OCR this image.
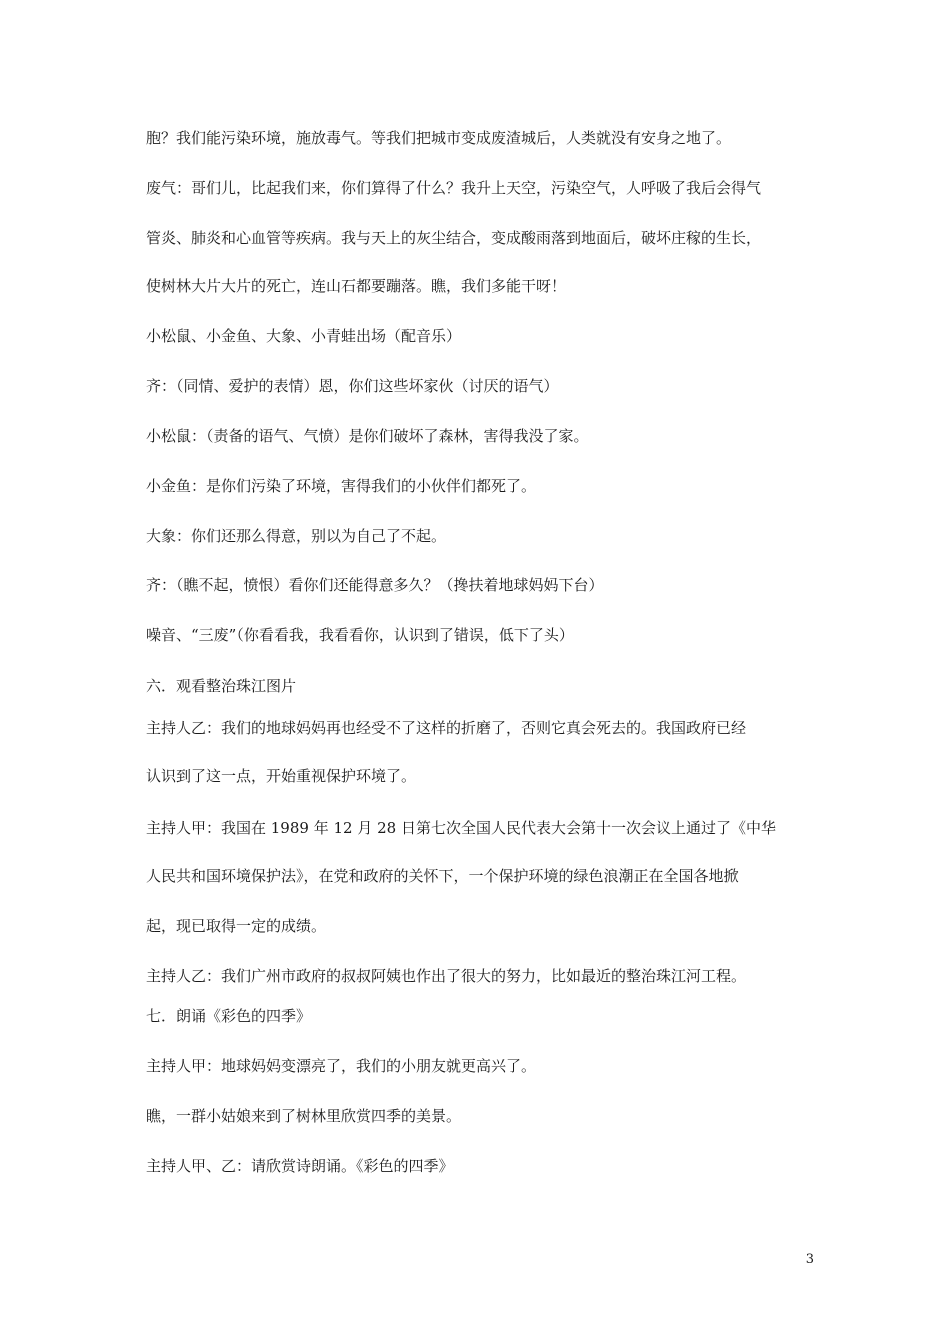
胞？我们能污染环境，施放毒气。等我们把城市变成废渣城后，人类就没有安身之地了。
废气：哥们儿，比起我们来，你们算得了什么？我升上天空，污染空气，人呼吸了我后会得气
管炎、肺炎和心血管等疾病。我与天上的灰尘结合，变成酸雨落到地面后，破坏庄稼的生长，
使树林大片大片的死亡，连山石都要蹦落。瞧，我们多能干呀！
小松鼠、小金鱼、大象、小青蛙出场（配音乐）
齐：（同情、爱护的表情）恩，你们这些坏家伙（讨厌的语气）
小松鼠：（责备的语气、气愤）是你们破坏了森林，害得我没了家。
小金鱼：是你们污染了环境，害得我们的小伙伴们都死了。
大象：你们还那么得意，别以为自己了不起。
齐：（瞧不起，愤恨）看你们还能得意多久？（搀扶着地球妈妈下台）
噪音、“三废”（你看看我，我看看你，认识到了错误，低下了头）
六．观看整治珠江图片
主持人乙：我们的地球妈妈再也经受不了这样的折磨了，否则它真会死去的。我国政府已经
认识到了这一点，开始重视保护环境了。
主持人甲：我国在 1989 年 12 月 28 日第七次全国人民代表大会第十一次会议上通过了《中华
人民共和国环境保护法》，在党和政府的关怀下，一个保护环境的绿色浪潮正在全国各地掀
起，现已取得一定的成绩。
主持人乙：我们广州市政府的叔叔阿姨也作出了很大的努力，比如最近的整治珠江河工程。
七．朗诵《彩色的四季》
主持人甲：地球妈妈变漂亮了，我们的小朋友就更高兴了。
瞧，一群小姑娘来到了树林里欣赏四季的美景。
主持人甲、乙：请欣赏诗朗诵。《彩色的四季》
3
